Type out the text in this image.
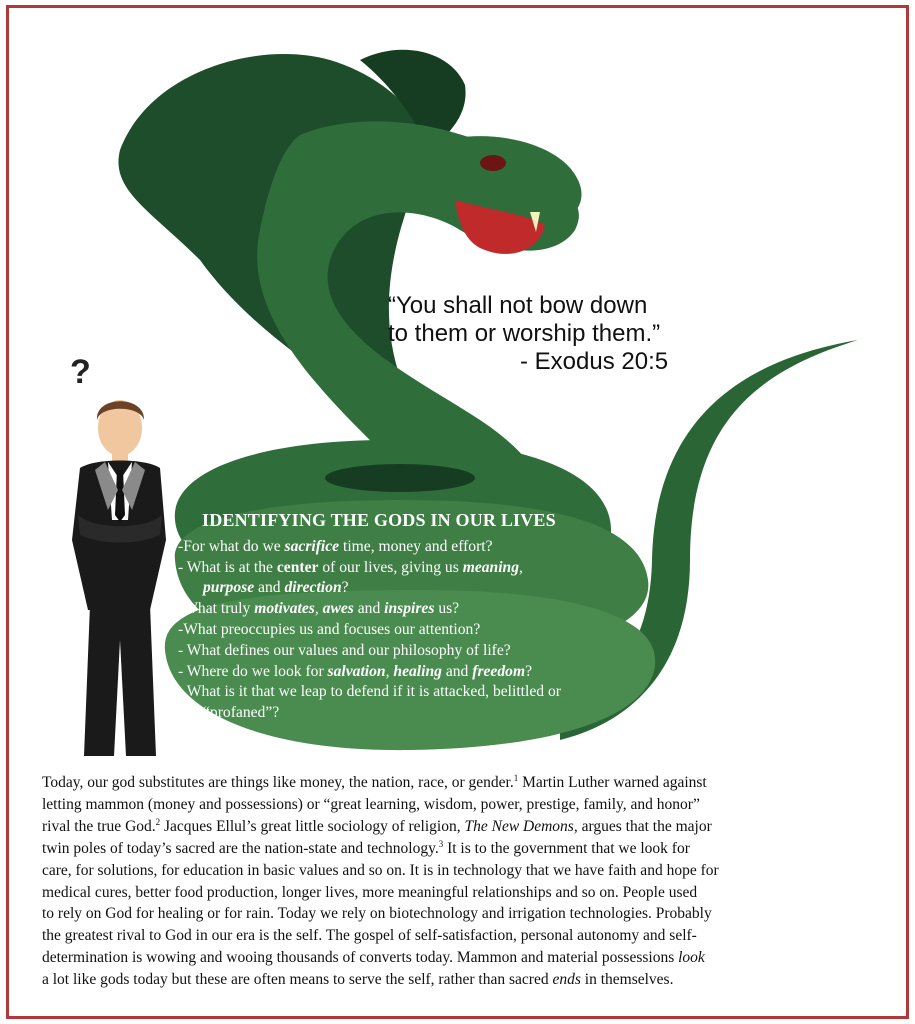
?
“You shall not bow down
to them or worship them.”

- Exodus 20:5
IDENTIFYING THE GODS IN OUR LIVES

-For what do we sacrifice time, money and effort?

- What is at the center of our lives, giving us meaning,

purpose and direction?

-What truly motivates, awes and inspires us?

-What preoccupies us and focuses our attention?

- What defines our values and our philosophy of life?

- Where do we look for salvation, healing and freedom?

- What is it that we leap to defend if it is attacked, belittled or

“profaned”?

Today, our god substitutes are things like money, the nation, race, or gender.$^1$ Martin Luther warned against
letting mammon (money and possessions) or “great learning, wisdom, power, prestige, family, and honor”
rival the true God.$^2$ Jacques Ellul’s great little sociology of religion, The New Demons, argues that the major
twin poles of today’s sacred are the nation-state and technology.$^3$ It is to the government that we look for
care, for solutions, for education in basic values and so on. It is in technology that we have faith and hope for
medical cures, better food production, longer lives, more meaningful relationships and so on. People used
to rely on God for healing or for rain. Today we rely on biotechnology and irrigation technologies. Probably
the greatest rival to God in our era is the self. The gospel of self-satisfaction, personal autonomy and self-
determination is wowing and wooing thousands of converts today. Mammon and material possessions look
a lot like gods today but these are often means to serve the self, rather than sacred ends in themselves.
